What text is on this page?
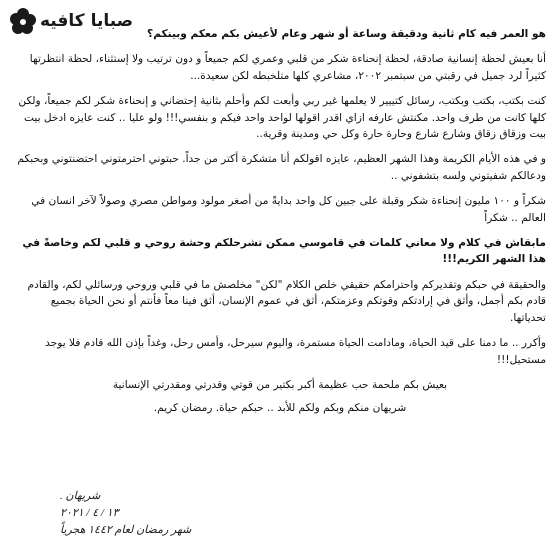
صبايا كافيه

هو العمر فيه كام ثانية ودقيقة وساعة أو شهر وعام لأعيش بكم معكم وبينكم؟

أنا بعيش لحظة إنسانية صادقة، لحظة إنحناءة شكر من قلبي وعمري لكم جميعاً و دون ترتيب ولا إستثناء، لحظة انتظرتها كثيراً لرد جميل في رقبتي من سبتمبر ٢٠٠٢، مشاعري كلها متلخبطه لكن سعيدة...

كنت بكتب، بكتب وبكتب، رسائل كتييير لا يعلمها غير ربي وأبعت لكم وأحلم بثانية إحتضاني و إنحناءة شكر لكم جميعاً، ولكن كلها كانت من طرف واحد. مكنتش عارفه ازاي اقدر اقولها لواحد واحد فيكم و بنفسي!!! ولو عليا .. كنت عايزه ادخل بيت بيت وزقاق زقاق وشارع شارع وحارة حارة وكل حي ومدينة وقرية..

و في هذه الأيام الكريمة وهذا الشهر العظيم، عايزه اقولكم أنا متشكرة أكتر من جداً. حبتوني احترمتوني احتضنتوني وبحبكم ودعالكم شفيتوني ولسه بتشفوني ..

شكراً و ١٠٠ مليون إنحناءة شكر وقبلة على جبين كل واحد بدايةً من أصغر مولود ومواطن مصري وصولاً لآخر انسان في العالم .. شكراً

مابقاش في كلام ولا معاني كلمات في قاموسي ممكن تشرحلكم وحشة روحي و قلبي لكم وخاصةً في هذا الشهر الكريم!!!

والحقيقة في حبكم وتقديركم واحترامكم حقيقي خلص الكلام "لكن" مخلصش ما في قلبي وروحي ورسائلي لكم، والقادم قادم بكم أجمل، وأثق في إرادتكم وقوتكم وعزمتكم، أثق في عموم الإنسان، أثق فينا معاً فأنتم أو نحن الحياة بجميع تحدياتها.

وأكرر .. ما دمنا على قيد الحياة، ومادامت الحياة مستمرة، واليوم سيرحل، وأمس رحل، وغداً بإذن الله قادم فلا يوجد مستحيل!!!

بعيش بكم ملحمة حب عظيمة أكبر بكتير من قوتي وقدرتي ومقدرتي الإنسانية

شريهان منكم وبكم ولكم للأبد .. حبكم حياة. رمضان كريم.

شريهان .
١٣ / ٤ / ٢٠٢١
شهر رمضان لعام ١٤٤٢ هجرياً
